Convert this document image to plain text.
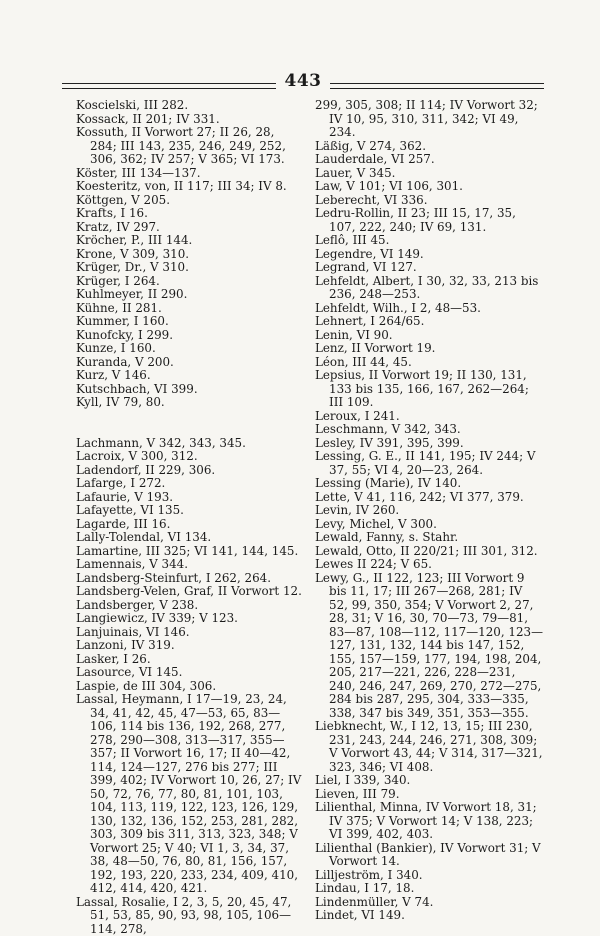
443
Koscielski, III 282.
Kossack, II 201; IV 331.
Kossuth, II Vorwort 27; II 26, 28, 284; III 143, 235, 246, 249, 252, 306, 362; IV 257; V 365; VI 173.
Köster, III 134—137.
Koesteritz, von, II 117; III 34; IV 8.
Köttgen, V 205.
Krafts, I 16.
Kratz, IV 297.
Kröcher, P., III 144.
Krone, V 309, 310.
Krüger, Dr., V 310.
Krüger, I 264.
Kuhlmeyer, II 290.
Kühne, II 281.
Kummer, I 160.
Kunofcky, I 299.
Kunze, I 160.
Kuranda, V 200.
Kurz, V 146.
Kutschbach, VI 399.
Kyll, IV 79, 80.
Lachmann, V 342, 343, 345.
Lacroix, V 300, 312.
Ladendorf, II 229, 306.
Lafarge, I 272.
Lafaurie, V 193.
Lafayette, VI 135.
Lagarde, III 16.
Lally-Tolendal, VI 134.
Lamartine, III 325; VI 141, 144, 145.
Lamennais, V 344.
Landsberg-Steinfurt, I 262, 264.
Landsberg-Velen, Graf, II Vorwort 12.
Landsberger, V 238.
Langiewicz, IV 339; V 123.
Lanjuinais, VI 146.
Lanzoni, IV 319.
Lasker, I 26.
Lasource, VI 145.
Laspie, de III 304, 306.
Lassal, Heymann, I 17—19, 23, 24, 34, 41, 42, 45, 47—53, 65, 83—106, 114 bis 136, 192, 268, 277, 278, 290—308, 313—317, 355—357; II Vorwort 16, 17; II 40—42, 114, 124—127, 276 bis 277; III 399, 402; IV Vorwort 10, 26, 27; IV 50, 72, 76, 77, 80, 81, 101, 103, 104, 113, 119, 122, 123, 126, 129, 130, 132, 136, 152, 253, 281, 282, 303, 309 bis 311, 313, 323, 348; V Vorwort 25; V 40; VI 1, 3, 34, 37, 38, 48—50, 76, 80, 81, 156, 157, 192, 193, 220, 233, 234, 409, 410, 412, 414, 420, 421.
Lassal, Rosalie, I 2, 3, 5, 20, 45, 47, 51, 53, 85, 90, 93, 98, 105, 106—114, 278,
299, 305, 308; II 114; IV Vorwort 32; IV 10, 95, 310, 311, 342; VI 49, 234.
Läßig, V 274, 362.
Lauderdale, VI 257.
Lauer, V 345.
Law, V 101; VI 106, 301.
Leberecht, VI 336.
Ledru-Rollin, II 23; III 15, 17, 35, 107, 222, 240; IV 69, 131.
Leflô, III 45.
Legendre, VI 149.
Legrand, VI 127.
Lehfeldt, Albert, I 30, 32, 33, 213 bis 236, 248—253.
Lehfeldt, Wilh., I 2, 48—53.
Lehnert, I 264/65.
Lenin, VI 90.
Lenz, II Vorwort 19.
Léon, III 44, 45.
Lepsius, II Vorwort 19; II 130, 131, 133 bis 135, 166, 167, 262—264; III 109.
Leroux, I 241.
Leschmann, V 342, 343.
Lesley, IV 391, 395, 399.
Lessing, G. E., II 141, 195; IV 244; V 37, 55; VI 4, 20—23, 264.
Lessing (Marie), IV 140.
Lette, V 41, 116, 242; VI 377, 379.
Levin, IV 260.
Levy, Michel, V 300.
Lewald, Fanny, s. Stahr.
Lewald, Otto, II 220/21; III 301, 312.
Lewes II 224; V 65.
Lewy, G., II 122, 123; III Vorwort 9 bis 11, 17; III 267—268, 281; IV 52, 99, 350, 354; V Vorwort 2, 27, 28, 31; V 16, 30, 70—73, 79—81, 83—87, 108—112, 117—120, 123—127, 131, 132, 144 bis 147, 152, 155, 157—159, 177, 194, 198, 204, 205, 217—221, 226, 228—231, 240, 246, 247, 269, 270, 272—275, 284 bis 287, 295, 304, 333—335, 338, 347 bis 349, 351, 353—355.
Liebknecht, W., I 12, 13, 15; III 230, 231, 243, 244, 246, 271, 308, 309; V Vorwort 43, 44; V 314, 317—321, 323, 346; VI 408.
Liel, I 339, 340.
Lieven, III 79.
Lilienthal, Minna, IV Vorwort 18, 31; IV 375; V Vorwort 14; V 138, 223; VI 399, 402, 403.
Lilienthal (Bankier), IV Vorwort 31; V Vorwort 14.
Lilljeström, I 340.
Lindau, I 17, 18.
Lindenmüller, V 74.
Lindet, VI 149.
